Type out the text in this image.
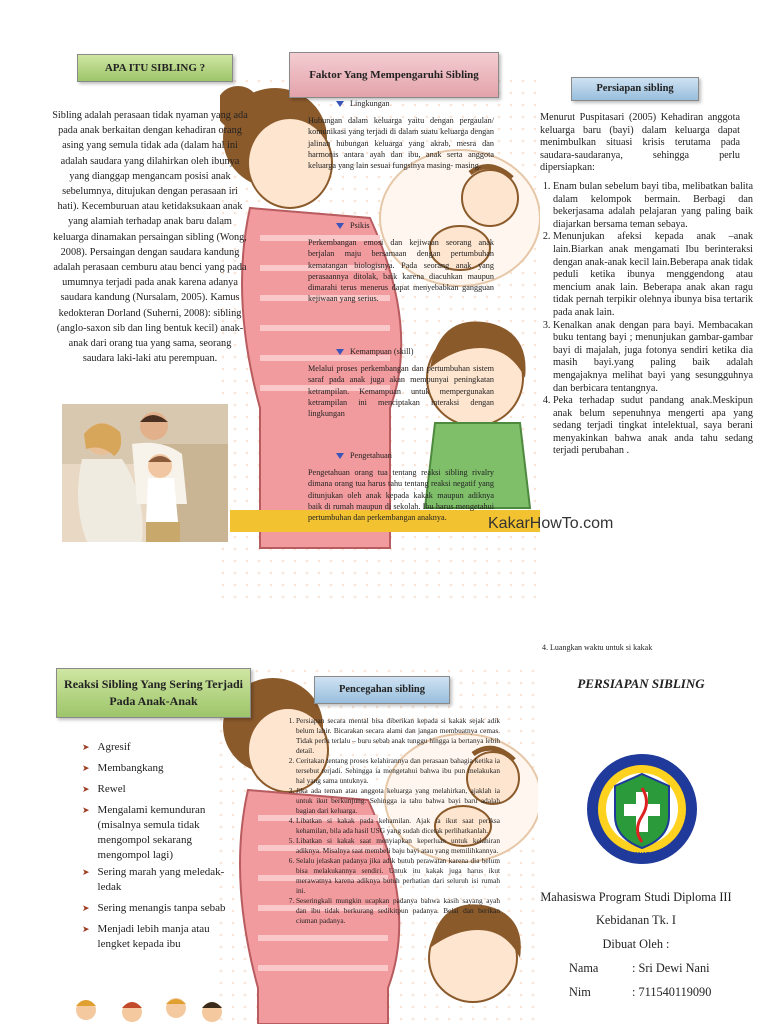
APA ITU SIBLING ?
Sibling adalah perasaan tidak nyaman yang ada pada anak berkaitan dengan kehadiran orang asing yang semula tidak ada (dalam hal ini adalah saudara yang dilahirkan oleh ibunya yang dianggap mengancam posisi anak sebelumnya, ditujukan dengan perasaan iri hati). Kecemburuan atau ketidaksukaan anak yang alamiah terhadap anak baru dalam keluarga dinamakan persaingan sibling (Wong, 2008). Persaingan dengan saudara kandung adalah perasaan cemburu atau benci yang pada umumnya terjadi pada anak karena adanya saudara kandung (Nursalam, 2005). Kamus kedokteran Dorland (Suherni, 2008): sibling (anglo-saxon sib dan ling bentuk kecil) anak-anak dari orang tua yang sama, seorang saudara laki-laki atu perempuan.
Faktor Yang Mempengaruhi Sibling
Lingkungan
Hubungan dalam keluarga yaitu dengan pergaulan/ komunikasi yang terjadi di dalam suatu keluarga dengan jalinan hubungan keluarga yang akrab, mesra dan harmonis antara ayah dan ibu, anak serta anggota keluarga yang lain sesuai fungsinya masing- masing.
Psikis
Perkembangan emosi dan kejiwaan seorang anak berjalan maju bersamaan dengan pertumbuhan kematangan biologisnya. Pada seorang anak yang perasaannya ditolak, baik karena diacuhkan maupun dimarahi terus menerus dapat menyebabkan gangguan kejiwaan yang serius.
Kemampuan (skill)
Melalui proses perkembangan dan pertumbuhan sistem saraf pada anak juga akan mempunyai peningkatan ketrampilan. Kemampuan untuk mempergunakan ketrampilan ini menciptakan interaksi dengan lingkungan
Pengetahuan
Pengetahuan orang tua tentang reaksi sibling rivalry dimana orang tua harus tahu tentang reaksi negatif yang ditunjukan oleh anak kepada kakak maupun adiknya baik di rumah maupun di sekolah. Ibu harus mengetahui pertumbuhan dan perkembangan anaknya.	KakarHowTo.com
Persiapan sibling
Menurut Puspitasari (2005) Kehadiran anggota keluarga baru (bayi) dalam keluarga dapat menimbulkan situasi krisis terutama pada saudara-saudaranya, sehingga perlu dipersiapkan:
1. Enam bulan sebelum bayi tiba, melibatkan balita dalam kelompok bermain. Berbagi dan bekerjasama adalah pelajaran yang paling baik diajarkan bersama teman sebaya.
2. Menunjukan afeksi kepada anak –anak lain.Biarkan anak mengamati Ibu berinteraksi dengan anak-anak kecil lain.Beberapa anak tidak peduli ketika ibunya menggendong atau mencium anak lain. Beberapa anak akan ragu tidak pernah terpikir olehnya ibunya bisa tertarik pada anak lain.
3. Kenalkan anak dengan para bayi. Membacakan buku tentang bayi ; menunjukan gambar-gambar bayi di majalah, juga fotonya sendiri ketika dia masih bayi.yang paling baik adalah mengajaknya melihat bayi yang sesungguhnya dan berbicara tentangnya.
4. Peka terhadap sudut pandang anak.Meskipun anak belum sepenuhnya mengerti apa yang sedang terjadi tingkat intelektual, saya berani menyakinkan bahwa anak anda tahu sedang terjadi perubahan .
4. Luangkan waktu untuk si kakak
Reaksi Sibling Yang Sering Terjadi Pada Anak-Anak
➤ Agresif
➤ Membangkang
➤ Rewel
➤ Mengalami kemunduran (misalnya semula tidak mengompol sekarang mengompol lagi)
➤ Sering marah yang meledak-ledak
➤ Sering menangis tanpa sebab
➤ Menjadi lebih manja atau lengket kepada ibu
Pencegahan sibling
1. Persiapan secara mental bisa diberikan kepada si kakak sejak adik belum lahir. Bicarakan secara alami dan jangan membuatnya cemas. Tidak perlu terlalu – buru sebab anak tunggu hingga ia bertanya lebih detail.
2. Ceritakan tentang proses kelahirannya dan perasaan bahagia ketika ia tersebut terjadi. Sehingga ia mengetahui bahwa ibu pun melakukan hal yang sama untuknya.
3. Jika ada teman atau anggota keluarga yang melahirkan, ajaklah ia untuk ikut berkunjung. Sehingga ia tahu bahwa bayi baru adalah bagian dari keluarga.
4. Libatkan si kakak pada kehamilan. Ajak ia ikut saat periksa kehamilan, bila ada hasil USG yang sudah dicetak perlihatkanlah.
5. Libatkan si kakak saat menyiapkan keperluan untuk kelahiran adiknya. Misalnya saat membeli baju bayi atau yang memilihkannya.
6. Selalu jelaskan padanya jika adik butuh perawatan karena dia belum bisa melakukannya sendiri. Untuk itu kakak juga harus ikut merawatnya karena adiknya butuh perhatian dari seluruh isi rumah ini.
7. Seseringkali mungkin ucapkan padanya bahwa kasih sayang ayah dan ibu tidak berkurang sedikitpun padanya. Belai dan berikan ciuman padanya.
PERSIAPAN SIBLING
MANADO
Mahasiswa Program Studi Diploma III
Kebidanan Tk. I
Dibuat Oleh :
Nama	: Sri Dewi Nani
Nim	: 711540119090
